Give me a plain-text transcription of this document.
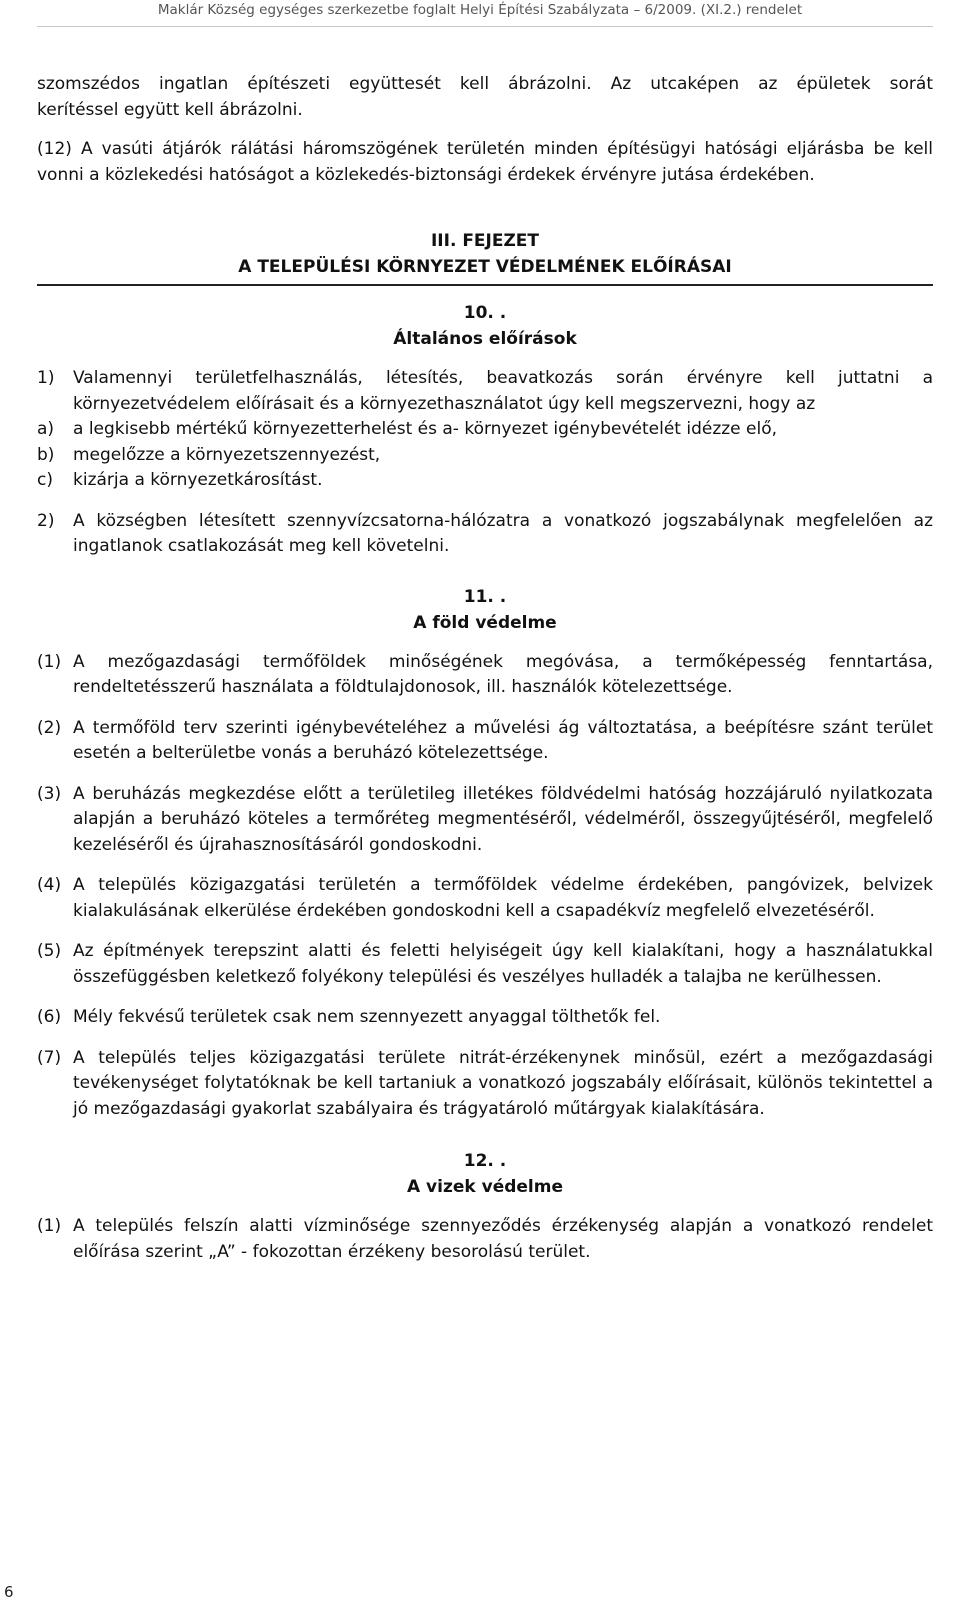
Maklár Község egységes szerkezetbe foglalt Helyi Építési Szabályzata – 6/2009. (XI.2.) rendelet
szomszédos ingatlan építészeti együttesét kell ábrázolni. Az utcaképen az épületek sorát
kerítéssel együtt kell ábrázolni.

(12) A vasúti átjárók rálátási háromszögének területén minden építésügyi hatósági eljárásba be kell vonni a közlekedési hatóságot a közlekedés-biztonsági érdekek érvényre jutása érdekében.

III. FEJEZET
A TELEPÜLÉSI KÖRNYEZET VÉDELMÉNEK ELŐÍRÁSAI
10. .
Általános előírások
1) Valamennyi területfelhasználás, létesítés, beavatkozás során érvényre kell juttatni a környezetvédelem előírásait és a környezethasználatot úgy kell megszervezni, hogy az
a) a legkisebb mértékű környezetterhelést és a- környezet igénybevételét idézze elő,
b) megelőzze a környezetszennyezést,
c) kizárja a környezetkárosítást.
2) A községben létesített szennyvízcsatorna-hálózatra a vonatkozó jogszabálynak megfelelően az ingatlanok csatlakozását meg kell követelni.
11. .
A föld védelme
(1) A mezőgazdasági termőföldek minőségének megóvása, a termőképesség fenntartása, rendeltetésszerű használata a földtulajdonosok, ill. használók kötelezettsége.
(2) A termőföld terv szerinti igénybevételéhez a művelési ág változtatása, a beépítésre szánt terület esetén a belterületbe vonás a beruházó kötelezettsége.
(3) A beruházás megkezdése előtt a területileg illetékes földvédelmi hatóság hozzájáruló nyilatkozata alapján a beruházó köteles a termőréteg megmentéséről, védelméről, összegyűjtéséről, megfelelő kezeléséről és újrahasznosításáról gondoskodni.
(4) A település közigazgatási területén a termőföldek védelme érdekében, pangóvizek, belvizek kialakulásának elkerülése érdekében gondoskodni kell a csapadékvíz megfelelő elvezetéséről.
(5) Az építmények terepszint alatti és feletti helyiségeit úgy kell kialakítani, hogy a használatukkal összefüggésben keletkező folyékony települési és veszélyes hulladék a talajba ne kerülhessen.
(6) Mély fekvésű területek csak nem szennyezett anyaggal tölthetők fel.
(7) A település teljes közigazgatási területe nitrát-érzékenynek minősül, ezért a mezőgazdasági tevékenységet folytatóknak be kell tartaniuk a vonatkozó jogszabály előírásait, különös tekintettel a jó mezőgazdasági gyakorlat szabályaira és trágyatároló műtárgyak kialakítására.
12. .
A vizek védelme
(1) A település felszín alatti vízminősége szennyeződés érzékenység alapján a vonatkozó rendelet előírása szerint „A” - fokozottan érzékeny besorolású terület.
6
